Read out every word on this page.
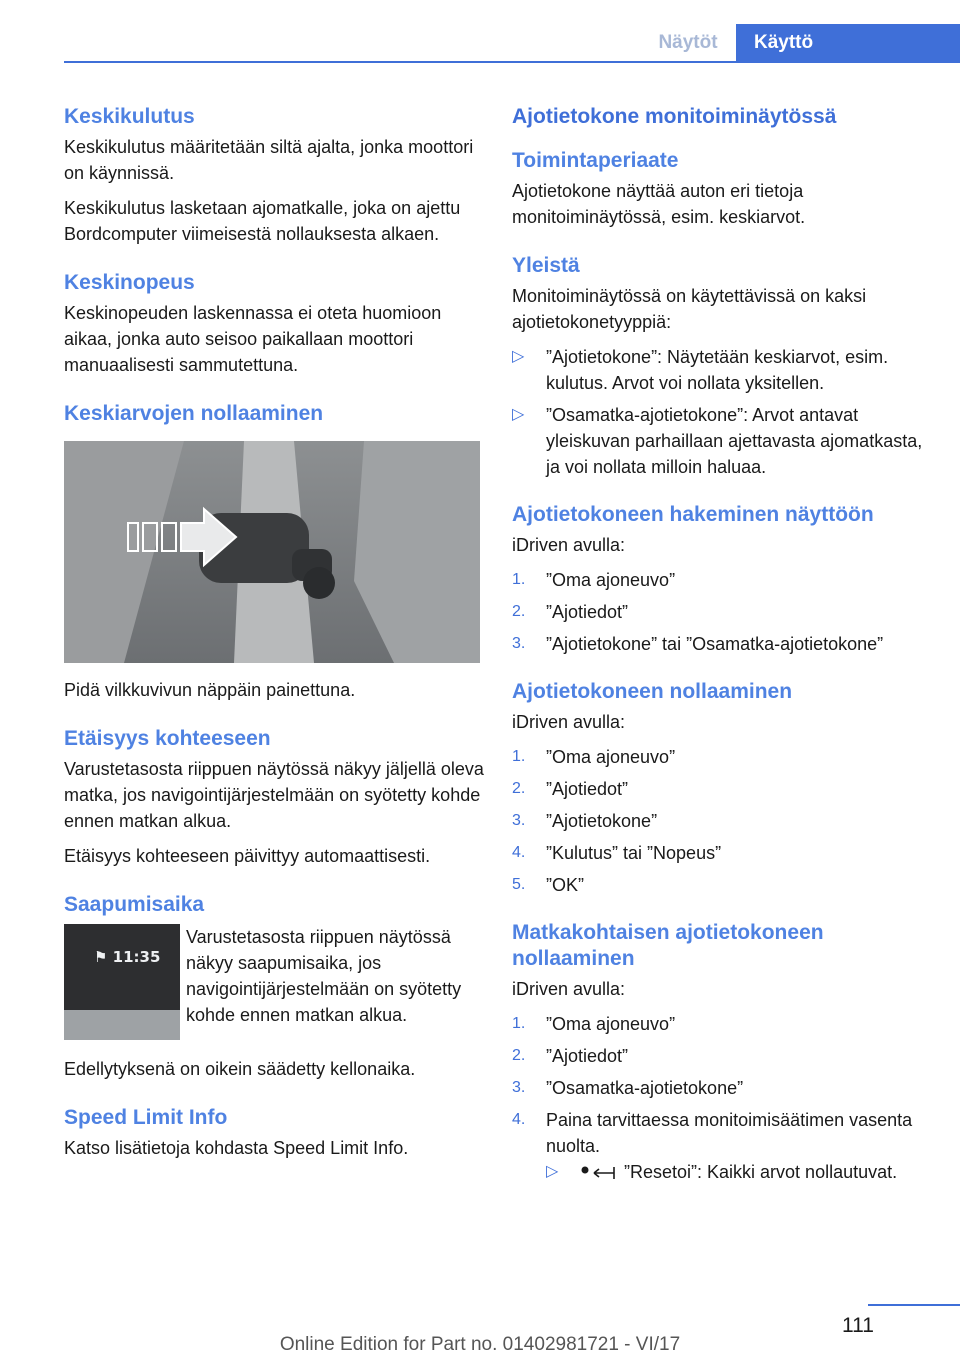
Näytöt	Käyttö
Keskikulutus

Keskikulutus määritetään siltä ajalta, jonka moottori on käynnissä.

Keskikulutus lasketaan ajomatkalle, joka on ajettu Bordcomputer viimeisestä nollauksesta alkaen.

Keskinopeus

Keskinopeuden laskennassa ei oteta huomioon aikaa, jonka auto seisoo paikallaan moottori manuaalisesti sammutettuna.

Keskiarvojen nollaaminen

Pidä vilkkuvivun näppäin painettuna.

Etäisyys kohteeseen

Varustetasosta riippuen näytössä näkyy jäljellä oleva matka, jos navigointijärjestelmään on syötetty kohde ennen matkan alkua.

Etäisyys kohteeseen päivittyy automaattisesti.

Saapumisaika
⚑ 11:35

Varustetasosta riippuen näytössä näkyy saapumisaika, jos navigointijärjestelmään on syötetty kohde ennen matkan alkua.

Edellytyksenä on oikein säädetty kellonaika.

Speed Limit Info

Katso lisätietoja kohdasta Speed Limit Info.

Ajotietokone monitoiminäytössä
Toimintaperiaate

Ajotietokone näyttää auton eri tietoja monitoiminäytössä, esim. keskiarvot.

Yleistä

Monitoiminäytössä on käytettävissä on kaksi ajotietokonetyyppiä:

▷ ”Ajotietokone”: Näytetään keskiarvot, esim. kulutus. Arvot voi nollata yksitellen.
▷ ”Osamatka-ajotietokone”: Arvot antavat yleiskuvan parhaillaan ajettavasta ajomatkasta, ja voi nollata milloin haluaa.
Ajotietokoneen hakeminen näyttöön

iDriven avulla:

1. ”Oma ajoneuvo”
2. ”Ajotiedot”
3. ”Ajotietokone” tai ”Osamatka-ajotietokone”
Ajotietokoneen nollaaminen

iDriven avulla:

1. ”Oma ajoneuvo”
2. ”Ajotiedot”
3. ”Ajotietokone”
4. ”Kulutus” tai ”Nopeus”
5. ”OK”
Matkakohtaisen ajotietokoneen nollaaminen

iDriven avulla:

1. ”Oma ajoneuvo”
2. ”Ajotiedot”
3. ”Osamatka-ajotietokone”
4. Paina tarvittaessa monitoimisäätimen vasenta nuolta.
▷	”Resetoi”: Kaikki arvot nollautuvat.
111
Online Edition for Part no. 01402981721 - VI/17
